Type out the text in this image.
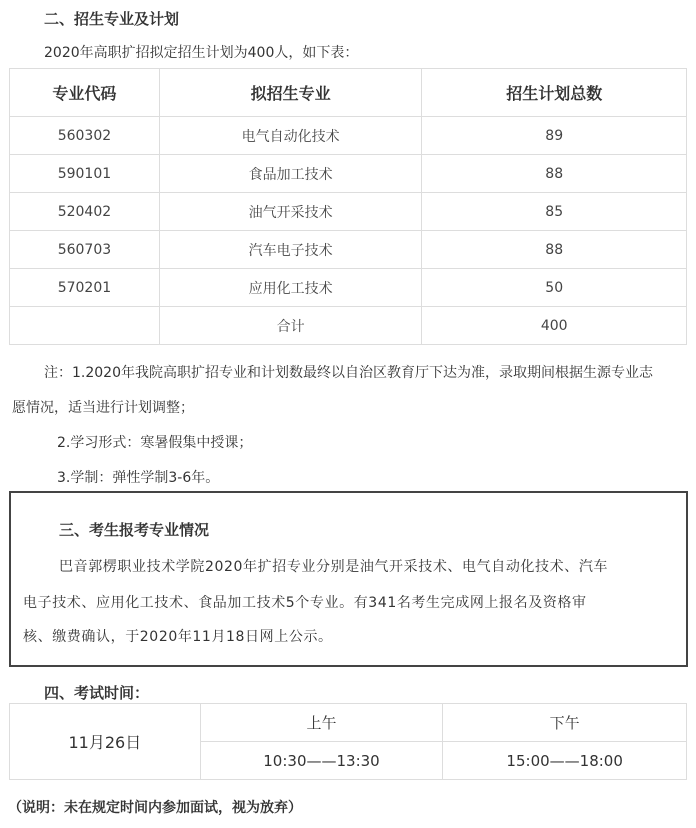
二、招生专业及计划
2020年高职扩招拟定招生计划为400人，如下表：
专业代码	拟招生专业	招生计划总数
560302	电气自动化技术	89
590101	食品加工技术	88
520402	油气开采技术	85
560703	汽车电子技术	88
570201	应用化工技术	50
	合计	400
注：1.2020年我院高职扩招专业和计划数最终以自治区教育厅下达为准，录取期间根据生源专业志
愿情况，适当进行计划调整；
2.学习形式：寒暑假集中授课；
3.学制：弹性学制3-6年。
三、考生报考专业情况
巴音郭楞职业技术学院2020年扩招专业分别是油气开采技术、电气自动化技术、汽车
电子技术、应用化工技术、食品加工技术5个专业。有341名考生完成网上报名及资格审
核、缴费确认，于2020年11月18日网上公示。
四、考试时间：
11月26日	上午	下午
	10:30——13:30	15:00——18:00
（说明：未在规定时间内参加面试，视为放弃）
